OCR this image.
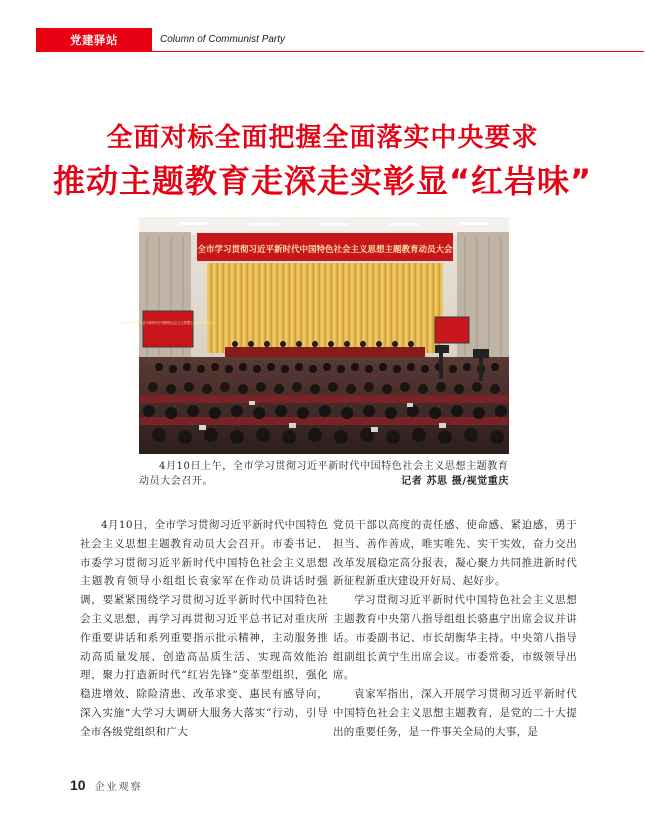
党建驿站	Column of Communist Party
全面对标全面把握全面落实中央要求
推动主题教育走深走实彰显“红岩味”
全市学习贯彻习近平新时代中国特色社会主义思想主题教育动员大会
全市学习贯彻习近平新时代中国特色社会主义思想主题教育动员大会
4月10日上午，全市学习贯彻习近平新时代中国特色社会主义思想主题教育动员大会召开。	记者 苏思 摄/视觉重庆

4月10日，全市学习贯彻习近平新时代中国特色社会主义思想主题教育动员大会召开。市委书记、市委学习贯彻习近平新时代中国特色社会主义思想主题教育领导小组组长袁家军在作动员讲话时强调，要紧紧围绕学习贯彻习近平新时代中国特色社会主义思想，再学习再贯彻习近平总书记对重庆所作重要讲话和系列重要指示批示精神，主动服务推动高质量发展、创造高品质生活、实现高效能治理，聚力打造新时代“红岩先锋”变革型组织，强化稳进增效、除险清患、改革求变、惠民有感导向，深入实施“大学习大调研大服务大落实”行动，引导全市各级党组织和广大

党员干部以高度的责任感、使命感、紧迫感，勇于担当、善作善成，唯实唯先、实干实效，奋力交出改革发展稳定高分报表，凝心聚力共同推进新时代新征程新重庆建设开好局、起好步。

学习贯彻习近平新时代中国特色社会主义思想主题教育中央第八指导组组长骆惠宁出席会议并讲话。市委副书记、市长胡衡华主持。中央第八指导组副组长黄宁生出席会议。市委常委，市级领导出席。

袁家军指出，深入开展学习贯彻习近平新时代中国特色社会主义思想主题教育，是党的二十大提出的重要任务，是一件事关全局的大事，是

10 企业观察
